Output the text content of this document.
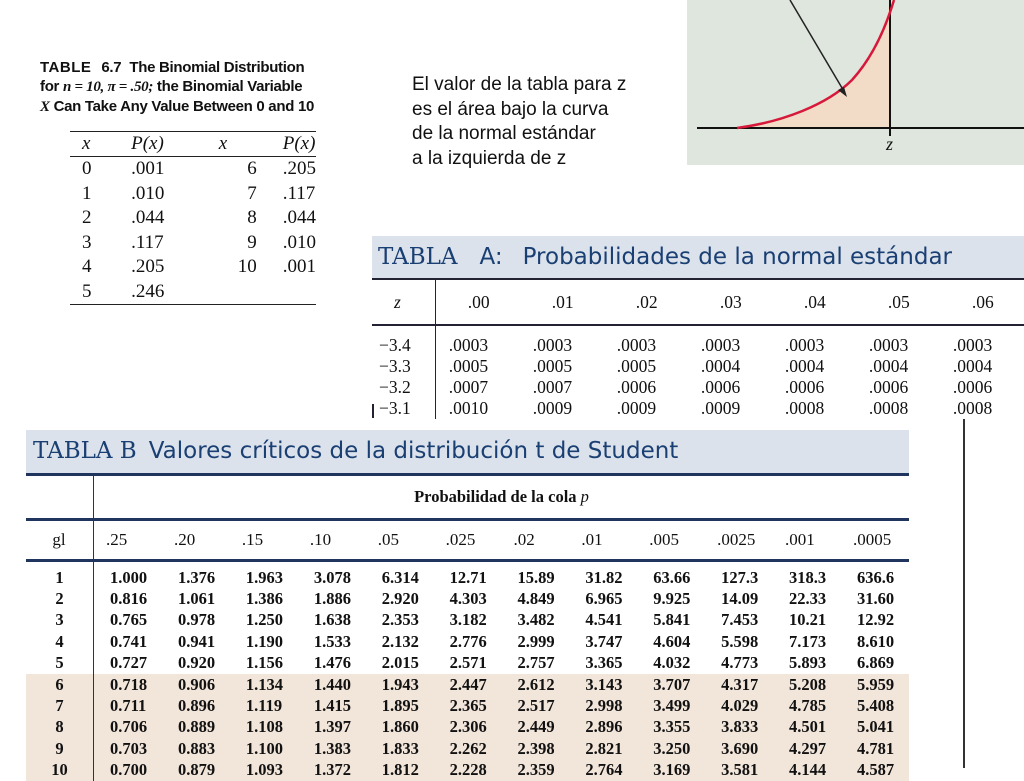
TABLE 6.7 The Binomial Distribution
for n = 10, π = .50; the Binomial Variable
X Can Take Any Value Between 0 and 10
x	P(x)	x	P(x)
0	.001	6	.205
1	.010	7	.117
2	.044	8	.044
3	.117	9	.010
4	.205	10	.001
5	.246		
El valor de la tabla para z
es el área bajo la curva
de la normal estándar
a la izquierda de z
z
TABLA A: Probabilidades de la normal estándar
z	.00	.01	.02	.03	.04	.05	.06
−3.4	.0003	.0003	.0003	.0003	.0003	.0003	.0003
−3.3	.0005	.0005	.0005	.0004	.0004	.0004	.0004
−3.2	.0007	.0007	.0006	.0006	.0006	.0006	.0006
−3.1	.0010	.0009	.0009	.0009	.0008	.0008	.0008
TABLA B Valores críticos de la distribución t de Student
	Probabilidad de la cola p											
gl	.25	.20	.15	.10	.05	.025	.02	.01	.005	.0025	.001	.0005
1	1.000	1.376	1.963	3.078	6.314	12.71	15.89	31.82	63.66	127.3	318.3	636.6
2	0.816	1.061	1.386	1.886	2.920	4.303	4.849	6.965	9.925	14.09	22.33	31.60
3	0.765	0.978	1.250	1.638	2.353	3.182	3.482	4.541	5.841	7.453	10.21	12.92
4	0.741	0.941	1.190	1.533	2.132	2.776	2.999	3.747	4.604	5.598	7.173	8.610
5	0.727	0.920	1.156	1.476	2.015	2.571	2.757	3.365	4.032	4.773	5.893	6.869
6	0.718	0.906	1.134	1.440	1.943	2.447	2.612	3.143	3.707	4.317	5.208	5.959
7	0.711	0.896	1.119	1.415	1.895	2.365	2.517	2.998	3.499	4.029	4.785	5.408
8	0.706	0.889	1.108	1.397	1.860	2.306	2.449	2.896	3.355	3.833	4.501	5.041
9	0.703	0.883	1.100	1.383	1.833	2.262	2.398	2.821	3.250	3.690	4.297	4.781
10	0.700	0.879	1.093	1.372	1.812	2.228	2.359	2.764	3.169	3.581	4.144	4.587
